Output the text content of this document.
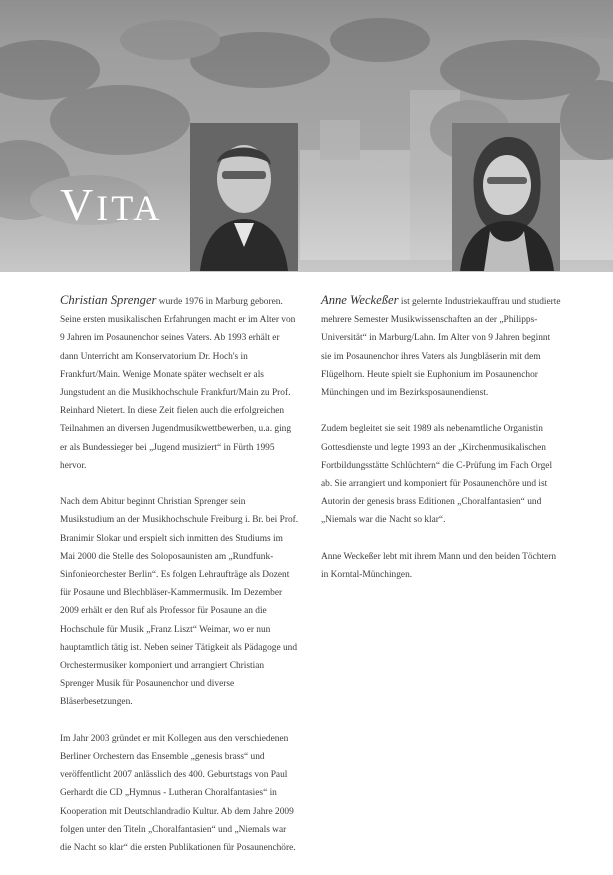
VITA

Christian Sprenger wurde 1976 in Marburg geboren. Seine ersten musikalischen Erfahrungen macht er im Alter von 9 Jahren im Posaunenchor seines Vaters. Ab 1993 erhält er dann Unterricht am Konservatorium Dr. Hoch's in Frankfurt/Main. Wenige Monate später wechselt er als Jungstudent an die Musikhochschule Frankfurt/Main zu Prof. Reinhard Nietert. In diese Zeit fielen auch die erfolgreichen Teilnahmen an diversen Jugendmusikwettbewerben, u.a. ging er als Bundessieger bei „Jugend musiziert“ in Fürth 1995 hervor.

Nach dem Abitur beginnt Christian Sprenger sein Musikstudium an der Musikhochschule Freiburg i. Br. bei Prof. Branimir Slokar und erspielt sich inmitten des Studiums im Mai 2000 die Stelle des Soloposaunisten am „Rundfunk-Sinfonieorchester Berlin“. Es folgen Lehraufträge als Dozent für Posaune und Blechbläser-Kammermusik. Im Dezember 2009 erhält er den Ruf als Professor für Posaune an die Hochschule für Musik „Franz Liszt“ Weimar, wo er nun hauptamtlich tätig ist. Neben seiner Tätigkeit als Pädagoge und Orchestermusiker komponiert und arrangiert Christian Sprenger Musik für Posaunenchor und diverse Bläserbesetzungen.

Im Jahr 2003 gründet er mit Kollegen aus den verschiedenen Berliner Orchestern das Ensemble „genesis brass“ und veröffentlicht 2007 anlässlich des 400. Geburtstags von Paul Gerhardt die CD „Hymnus - Lutheran Choralfantasies“ in Kooperation mit Deutschlandradio Kultur. Ab dem Jahre 2009 folgen unter den Titeln „Choralfantasien“ und „Niemals war die Nacht so klar“ die ersten Publikationen für Posaunenchöre.

Anne Weckeßer ist gelernte Industriekauffrau und studierte mehrere Semester Musikwissenschaften an der „Philipps-Universität“ in Marburg/Lahn. Im Alter von 9 Jahren beginnt sie im Posaunenchor ihres Vaters als Jungbläserin mit dem Flügelhorn. Heute spielt sie Euphonium im Posaunenchor Münchingen und im Bezirksposaunendienst.

Zudem begleitet sie seit 1989 als nebenamtliche Organistin Gottesdienste und legte 1993 an der „Kirchenmusikalischen Fortbildungsstätte Schlüchtern“ die C-Prüfung im Fach Orgel ab. Sie arrangiert und komponiert für Posaunenchöre und ist Autorin der genesis brass Editionen „Choralfantasien“ und „Niemals war die Nacht so klar“.

Anne Weckeßer lebt mit ihrem Mann und den beiden Töchtern in Korntal-Münchingen.
